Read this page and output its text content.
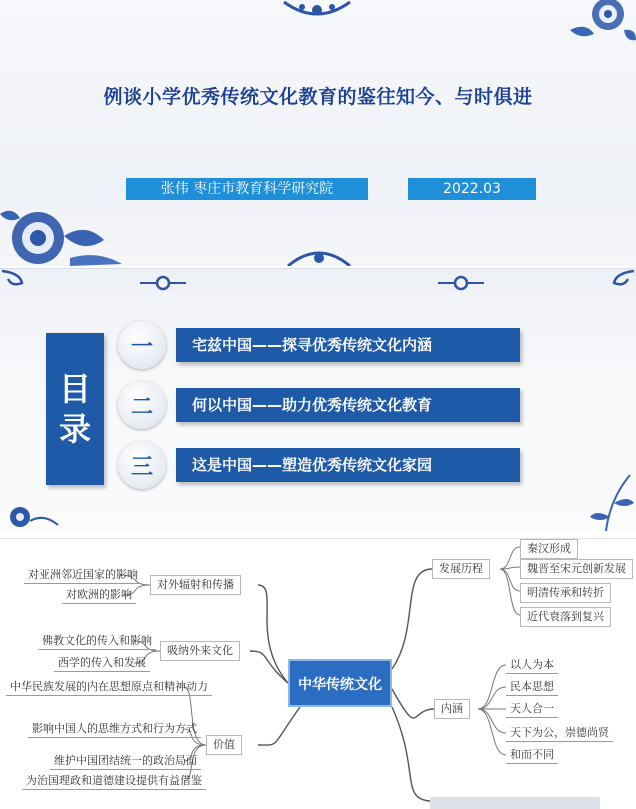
例谈小学优秀传统文化教育的鉴往知今、与时俱进
张伟 枣庄市教育科学研究院	2022.03
目
录
一	宅兹中国——探寻优秀传统文化内涵
二	何以中国——助力优秀传统文化教育
三	这是中国——塑造优秀传统文化家园
中华传统文化
对外辐射和传播
对亚洲邻近国家的影响
对欧洲的影响
吸纳外来文化
佛教文化的传入和影响
西学的传入和发展
价值
中华民族发展的内在思想原点和精神动力
影响中国人的思维方式和行为方式
维护中国团结统一的政治局面
为治国理政和道德建设提供有益借鉴
发展历程
秦汉形成
魏晋至宋元创新发展
明清传承和转折
近代衰落到复兴
内涵
以人为本
民本思想
天人合一
天下为公，崇德尚贤
和而不同
